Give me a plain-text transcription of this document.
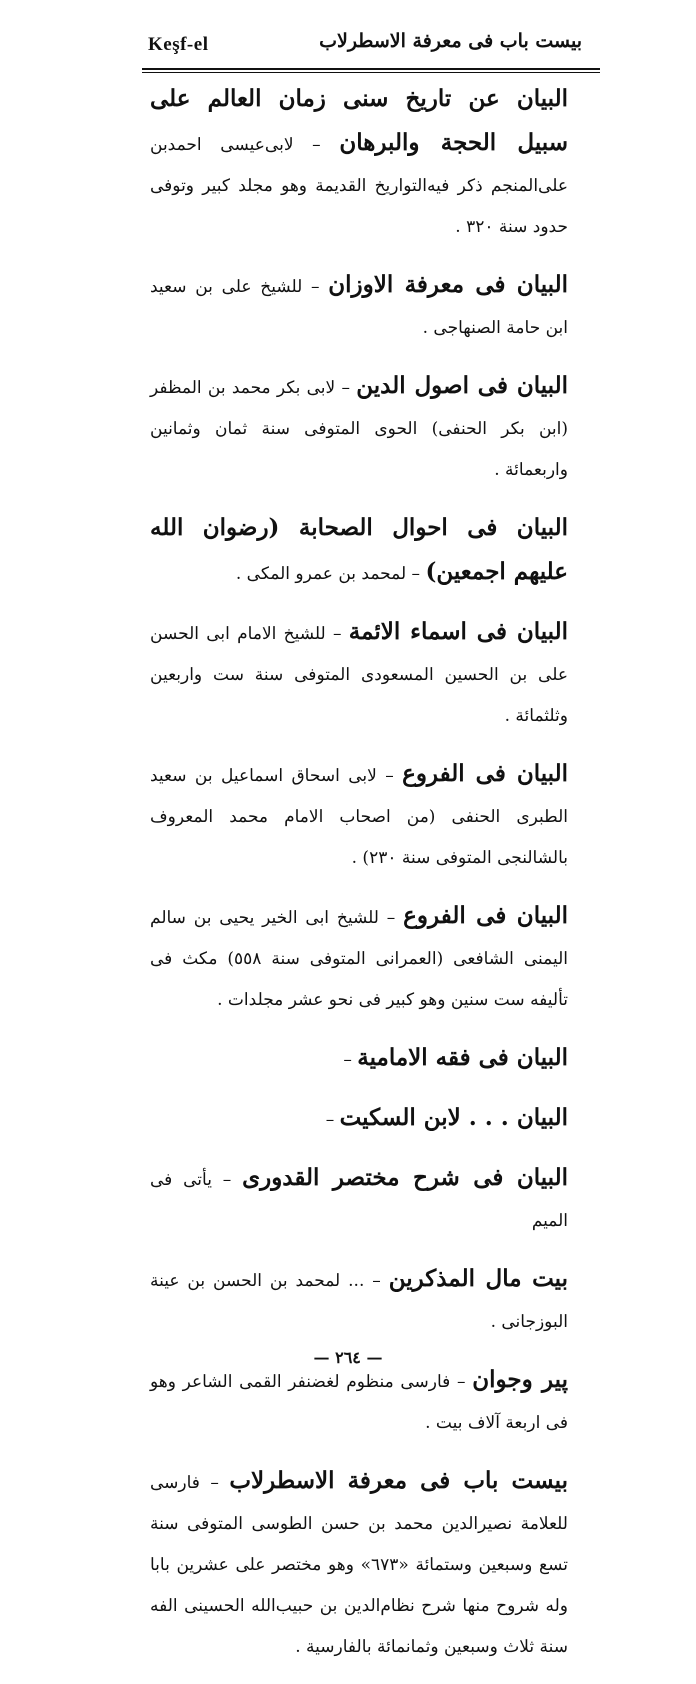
Keşf-el	بيست باب فى معرفة الاسطرلاب

البيان عن تاريخ سنى زمان العالم على سبيل الحجة والبرهان – لابى‌عيسى احمدبن على‌المنجم ذكر فيه‌التواريخ القديمة وهو مجلد كبير وتوفى حدود سنة ٣٢٠ .

البيان فى معرفة الاوزان – للشيخ على بن سعيد ابن حامة الصنهاجى .

البيان فى اصول الدين – لابى بكر محمد بن المظفر (ابن بكر الحنفى) الحوى المتوفى سنة ثمان وثمانين واربعمائة .

البيان فى احوال الصحابة (رضوان الله عليهم اجمعين) – لمحمد بن عمرو المكى .

البيان فى اسماء الائمة – للشيخ الامام ابى الحسن على بن الحسين المسعودى المتوفى سنة ست واربعين وثلثمائة .

البيان فى الفروع – لابى اسحاق اسماعيل بن سعيد الطبرى الحنفى (من اصحاب الامام محمد المعروف بالشالنجى المتوفى سنة ٢٣٠) .

البيان فى الفروع – للشيخ ابى الخير يحيى بن سالم اليمنى الشافعى (العمرانى المتوفى سنة ٥٥٨) مكث فى تأليفه ست سنين وهو كبير فى نحو عشر مجلدات .

البيان فى فقه الامامية –

البيان . . . لابن السكيت –

البيان فى شرح مختصر القدورى – يأتى فى الميم

بيت مال المذكرين – ... لمحمد بن الحسن بن عينة البوزجانى .

پير وجوان – فارسى منظوم لغضنفر القمى الشاعر وهو فى اربعة آلاف بيت .

بيست باب فى معرفة الاسطرلاب – فارسى للعلامة نصيرالدين محمد بن حسن الطوسى المتوفى سنة تسع وسبعين وستمائة «٦٧٣» وهو مختصر على عشرين بابا وله شروح منها شرح نظام‌الدين بن حبيب‌الله الحسينى الفه سنة ثلاث وسبعين وثمانمائة بالفارسية .

— ٢٦٤ —
